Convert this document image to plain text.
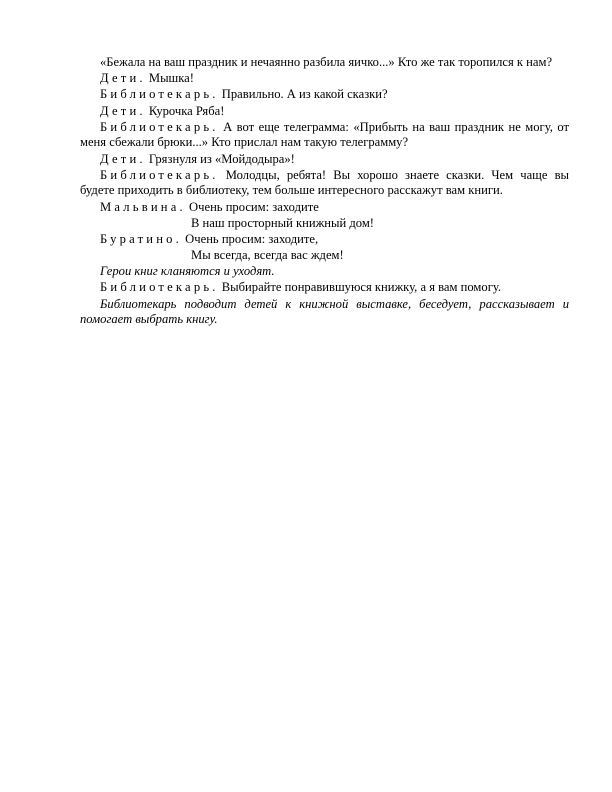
«Бежала на ваш праздник и нечаянно разбила яичко...» Кто же так торопился к нам?

Дети. Мышка!

Библиотекарь. Правильно. А из какой сказки?

Дети. Курочка Ряба!

Библиотекарь. А вот еще телеграмма: «Прибыть на ваш праздник не могу, от меня сбежали брюки...» Кто прислал нам такую телеграмму?

Дети. Грязнуля из «Мойдодыра»!

Библиотекарь. Молодцы, ребята! Вы хорошо знаете сказки. Чем чаще вы будете приходить в библиотеку, тем больше интересного расскажут вам книги.

Мальвина. Очень просим: заходите

В наш просторный книжный дом!

Буратино. Очень просим: заходите,

Мы всегда, всегда вас ждем!

Герои книг кланяются и уходят.

Библиотекарь. Выбирайте понравившуюся книжку, а я вам помогу.

Библиотекарь подводит детей к книжной выставке, беседует, рассказывает и помогает выбрать книгу.
